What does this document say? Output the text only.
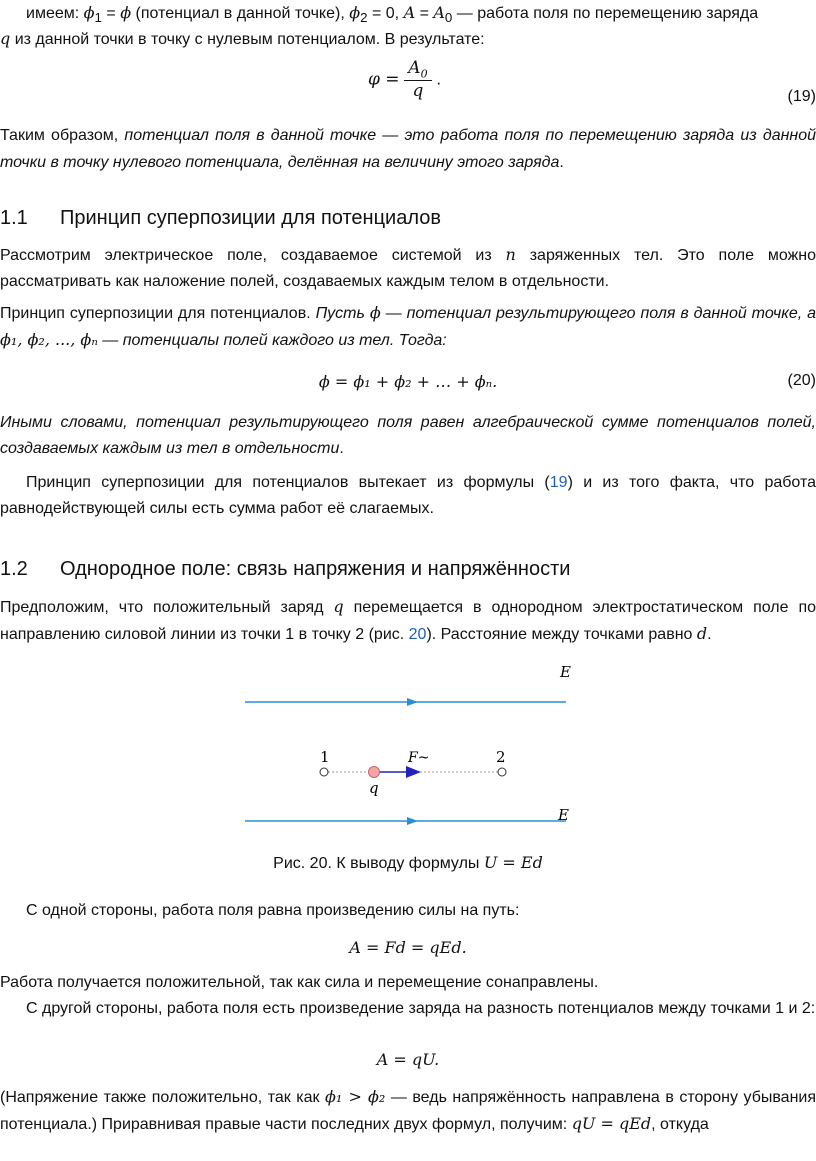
имеем: $\phi_1 = \phi$ (потенциал в данной точке), $\phi_2 = 0$, $A = A_0$ — работа поля по перемещению заряда
q из данной точки в точку с нулевым потенциалом. В результате:
$\varphi = \frac{A_0}{q}$ .
(19)
Таким образом, потенциал поля в данной точке — это работа поля по перемещению заряда из данной точки в точку нулевого потенциала, делённая на величину этого заряда.
1.1 Принцип суперпозиции для потенциалов
Рассмотрим электрическое поле, создаваемое системой из n заряженных тел. Это поле можно рассматривать как наложение полей, создаваемых каждым телом в отдельности.
Принцип суперпозиции для потенциалов. Пусть ϕ — потенциал результирующего поля в данной точке, а ϕ₁, ϕ₂, ..., ϕₙ — потенциалы полей каждого из тел. Тогда:
ϕ = ϕ₁ + ϕ₂ + … + ϕₙ.	(20)
Иными словами, потенциал результирующего поля равен алгебраической сумме потенциалов полей, создаваемых каждым из тел в отдельности.
Принцип суперпозиции для потенциалов вытекает из формулы (19) и из того факта, что работа равнодействующей силы есть сумма работ её слагаемых.
1.2 Однородное поле: связь напряжения и напряжённости
Предположим, что положительный заряд q перемещается в однородном электростатическом поле по направлению силовой линии из точки 1 в точку 2 (рис. 20). Расстояние между точками равно d.
E
1	2
F~
q
E
Рис. 20. К выводу формулы U = Ed
С одной стороны, работа поля равна произведению силы на путь:
A = Fd = qEd.
Работа получается положительной, так как сила и перемещение сонаправлены.
С другой стороны, работа поля есть произведение заряда на разность потенциалов между точками 1 и 2:
A = qU.
(Напряжение также положительно, так как ϕ₁ > ϕ₂ — ведь напряжённость направлена в сторону убывания потенциала.) Приравнивая правые части последних двух формул, получим: qU = qEd, откуда
